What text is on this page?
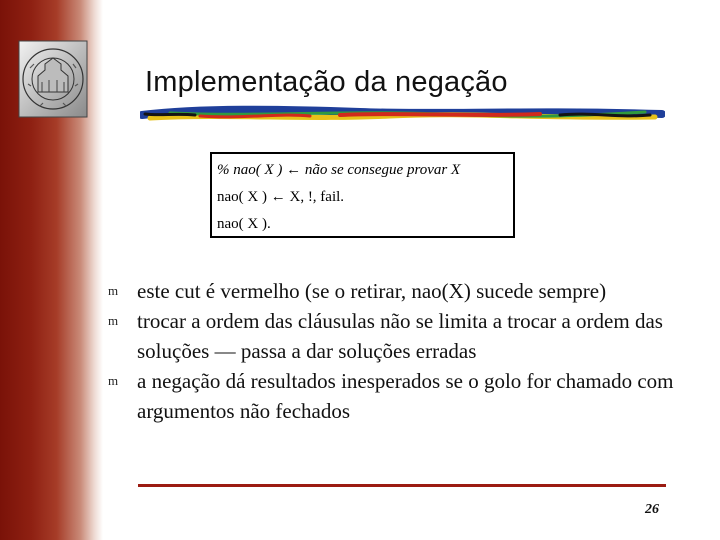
Implementação da negação
% nao( X ) ← não se consegue provar X
nao( X ) ← X, !, fail.
nao( X ).
m este cut é vermelho (se o retirar, nao(X) sucede sempre)
m trocar a ordem das cláusulas não se limita a trocar a ordem das soluções — passa a dar soluções erradas
m a negação dá resultados inesperados se o golo for chamado com argumentos não fechados
26
